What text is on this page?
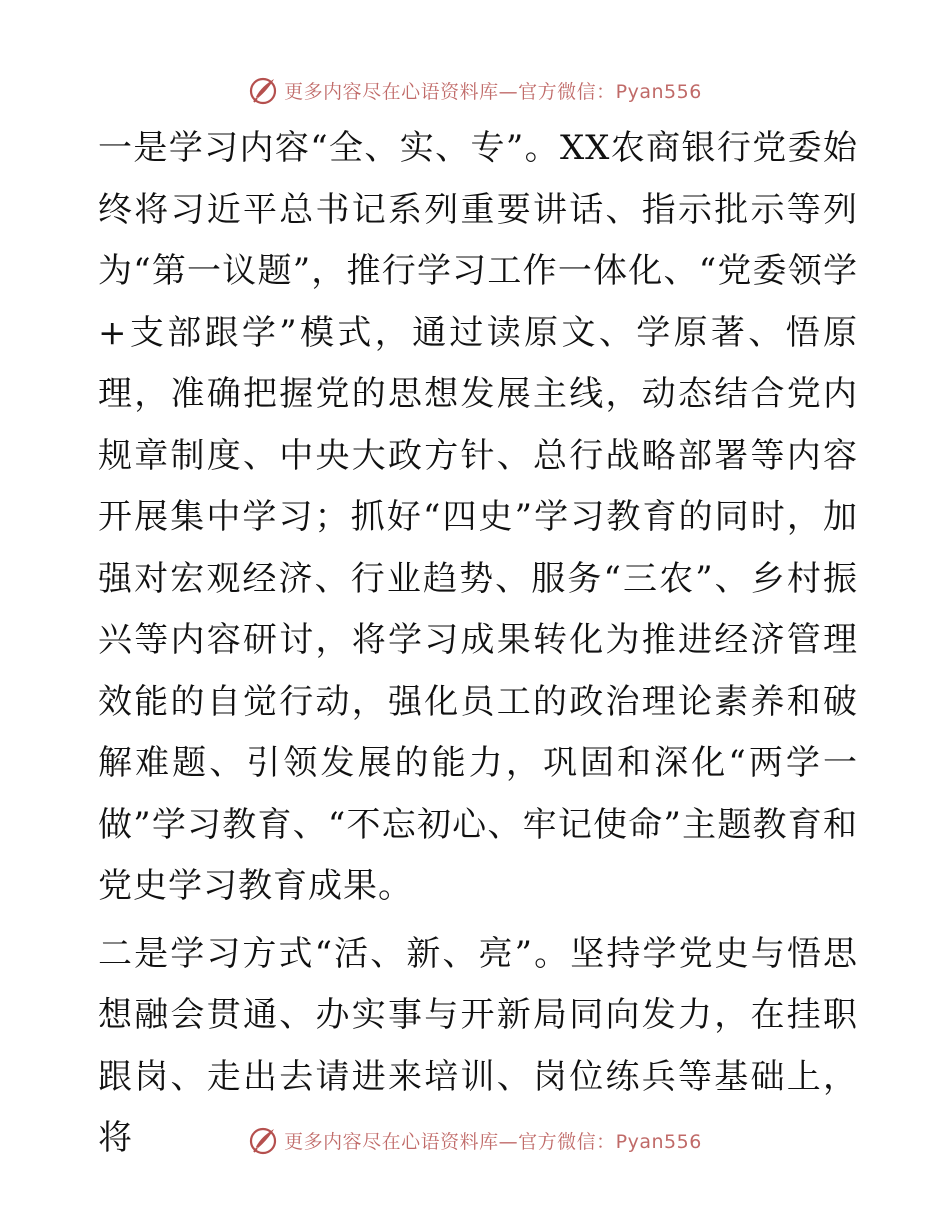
更多内容尽在心语资料库—官方微信：Pyan556

一是学习内容“全、实、专”。XX农商银行党委始终将习近平总书记系列重要讲话、指示批示等列为“第一议题”，推行学习工作一体化、“党委领学+支部跟学”模式，通过读原文、学原著、悟原理，准确把握党的思想发展主线，动态结合党内规章制度、中央大政方针、总行战略部署等内容开展集中学习；抓好“四史”学习教育的同时，加强对宏观经济、行业趋势、服务“三农”、乡村振兴等内容研讨，将学习成果转化为推进经济管理效能的自觉行动，强化员工的政治理论素养和破解难题、引领发展的能力，巩固和深化“两学一做”学习教育、“不忘初心、牢记使命”主题教育和党史学习教育成果。

二是学习方式“活、新、亮”。坚持学党史与悟思想融会贯通、办实事与开新局同向发力，在挂职跟岗、走出去请进来培训、岗位练兵等基础上，将	更多内容尽在心语资料库—官方微信：Pyan556
